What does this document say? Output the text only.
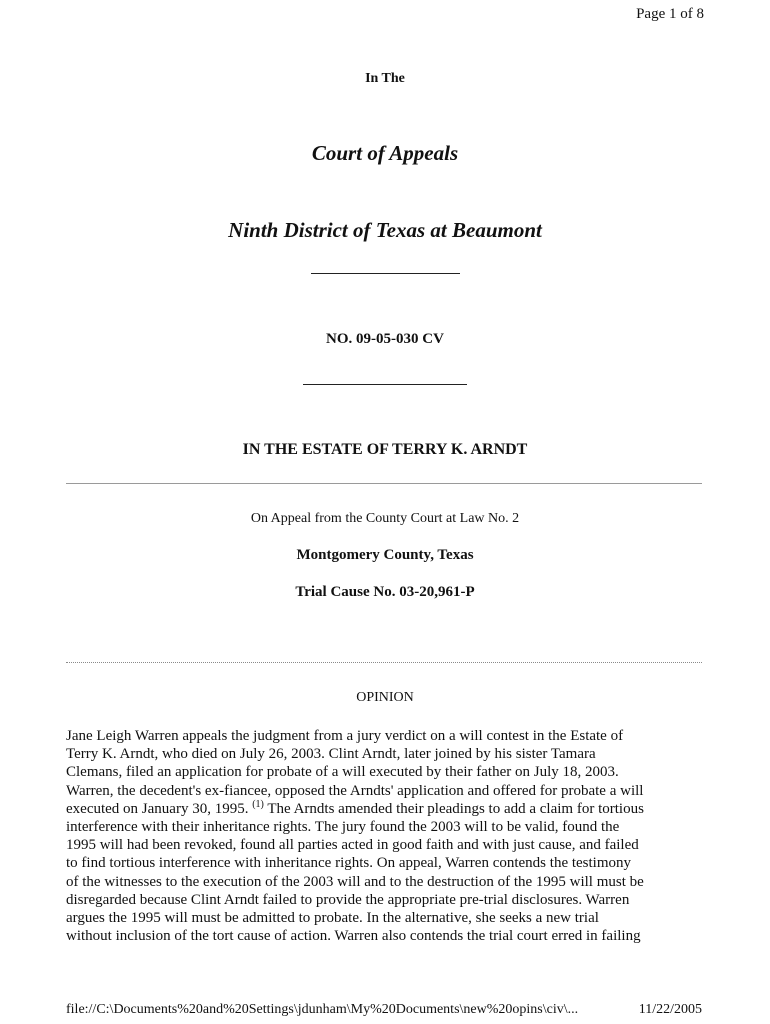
Page 1 of 8
In The
Court of Appeals
Ninth District of Texas at Beaumont
NO. 09-05-030 CV
IN THE ESTATE OF TERRY K. ARNDT
On Appeal from the County Court at Law No. 2
Montgomery County, Texas
Trial Cause No. 03-20,961-P
OPINION
Jane Leigh Warren appeals the judgment from a jury verdict on a will contest in the Estate of
Terry K. Arndt, who died on July 26, 2003. Clint Arndt, later joined by his sister Tamara
Clemans, filed an application for probate of a will executed by their father on July 18, 2003.
Warren, the decedent's ex-fiancee, opposed the Arndts' application and offered for probate a will
executed on January 30, 1995. $^{(1)}$ The Arndts amended their pleadings to add a claim for tortious
interference with their inheritance rights. The jury found the 2003 will to be valid, found the
1995 will had been revoked, found all parties acted in good faith and with just cause, and failed
to find tortious interference with inheritance rights. On appeal, Warren contends the testimony
of the witnesses to the execution of the 2003 will and to the destruction of the 1995 will must be
disregarded because Clint Arndt failed to provide the appropriate pre-trial disclosures. Warren
argues the 1995 will must be admitted to probate. In the alternative, she seeks a new trial
without inclusion of the tort cause of action. Warren also contends the trial court erred in failing
file://C:\Documents%20and%20Settings\jdunham\My%20Documents\new%20opins\civ\...	11/22/2005
